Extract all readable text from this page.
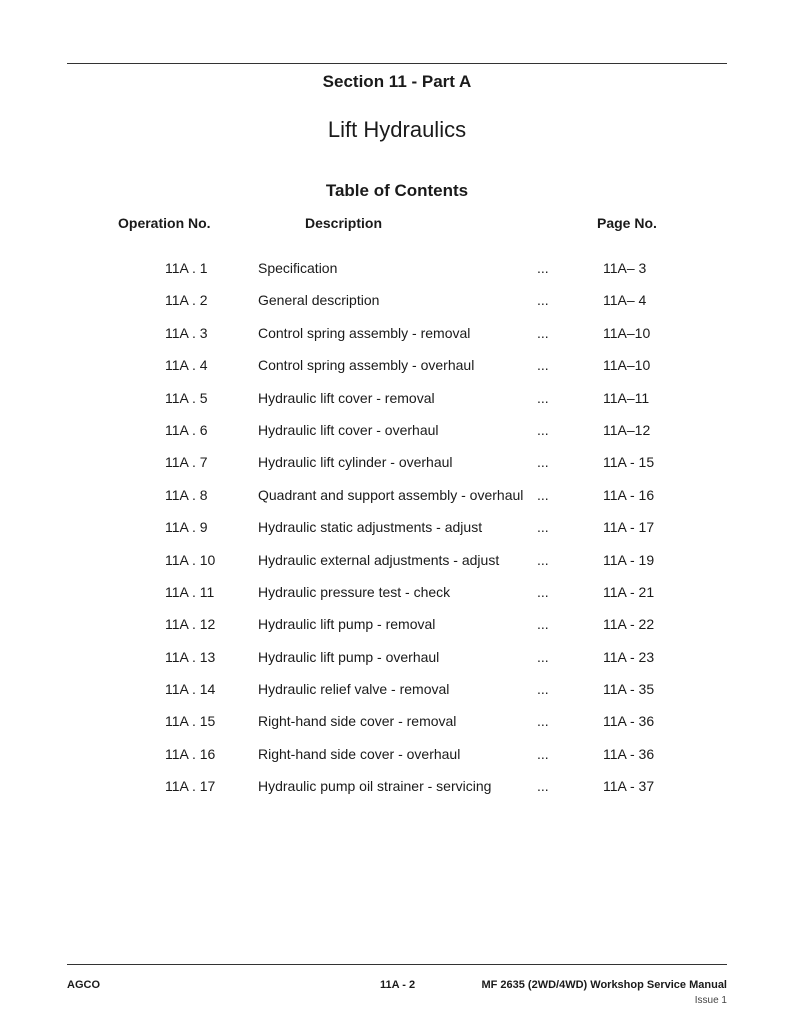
Section 11 - Part A
Lift Hydraulics
Table of Contents
Operation No.	Description	Page No.
11A . 1	Specification	...	11A– 3
11A . 2	General description	...	11A– 4
11A . 3	Control spring assembly - removal	...	11A–10
11A . 4	Control spring assembly - overhaul	...	11A–10
11A . 5	Hydraulic lift cover - removal	...	11A–11
11A . 6	Hydraulic lift cover - overhaul	...	11A–12
11A . 7	Hydraulic lift cylinder - overhaul	...	11A - 15
11A . 8	Quadrant and support assembly - overhaul ...	11A - 16
11A . 9	Hydraulic static adjustments - adjust	...	11A - 17
11A . 10	Hydraulic external adjustments - adjust	...	11A - 19
11A . 11	Hydraulic pressure test - check	...	11A - 21
11A . 12	Hydraulic lift pump - removal	...	11A - 22
11A . 13	Hydraulic lift pump - overhaul	...	11A - 23
11A . 14	Hydraulic relief valve - removal	...	11A - 35
11A . 15	Right-hand side cover - removal	...	11A - 36
11A . 16	Right-hand side cover - overhaul	...	11A - 36
11A . 17	Hydraulic pump oil strainer - servicing	...	11A - 37
AGCO	11A - 2	MF 2635 (2WD/4WD) Workshop Service Manual
Issue 1
